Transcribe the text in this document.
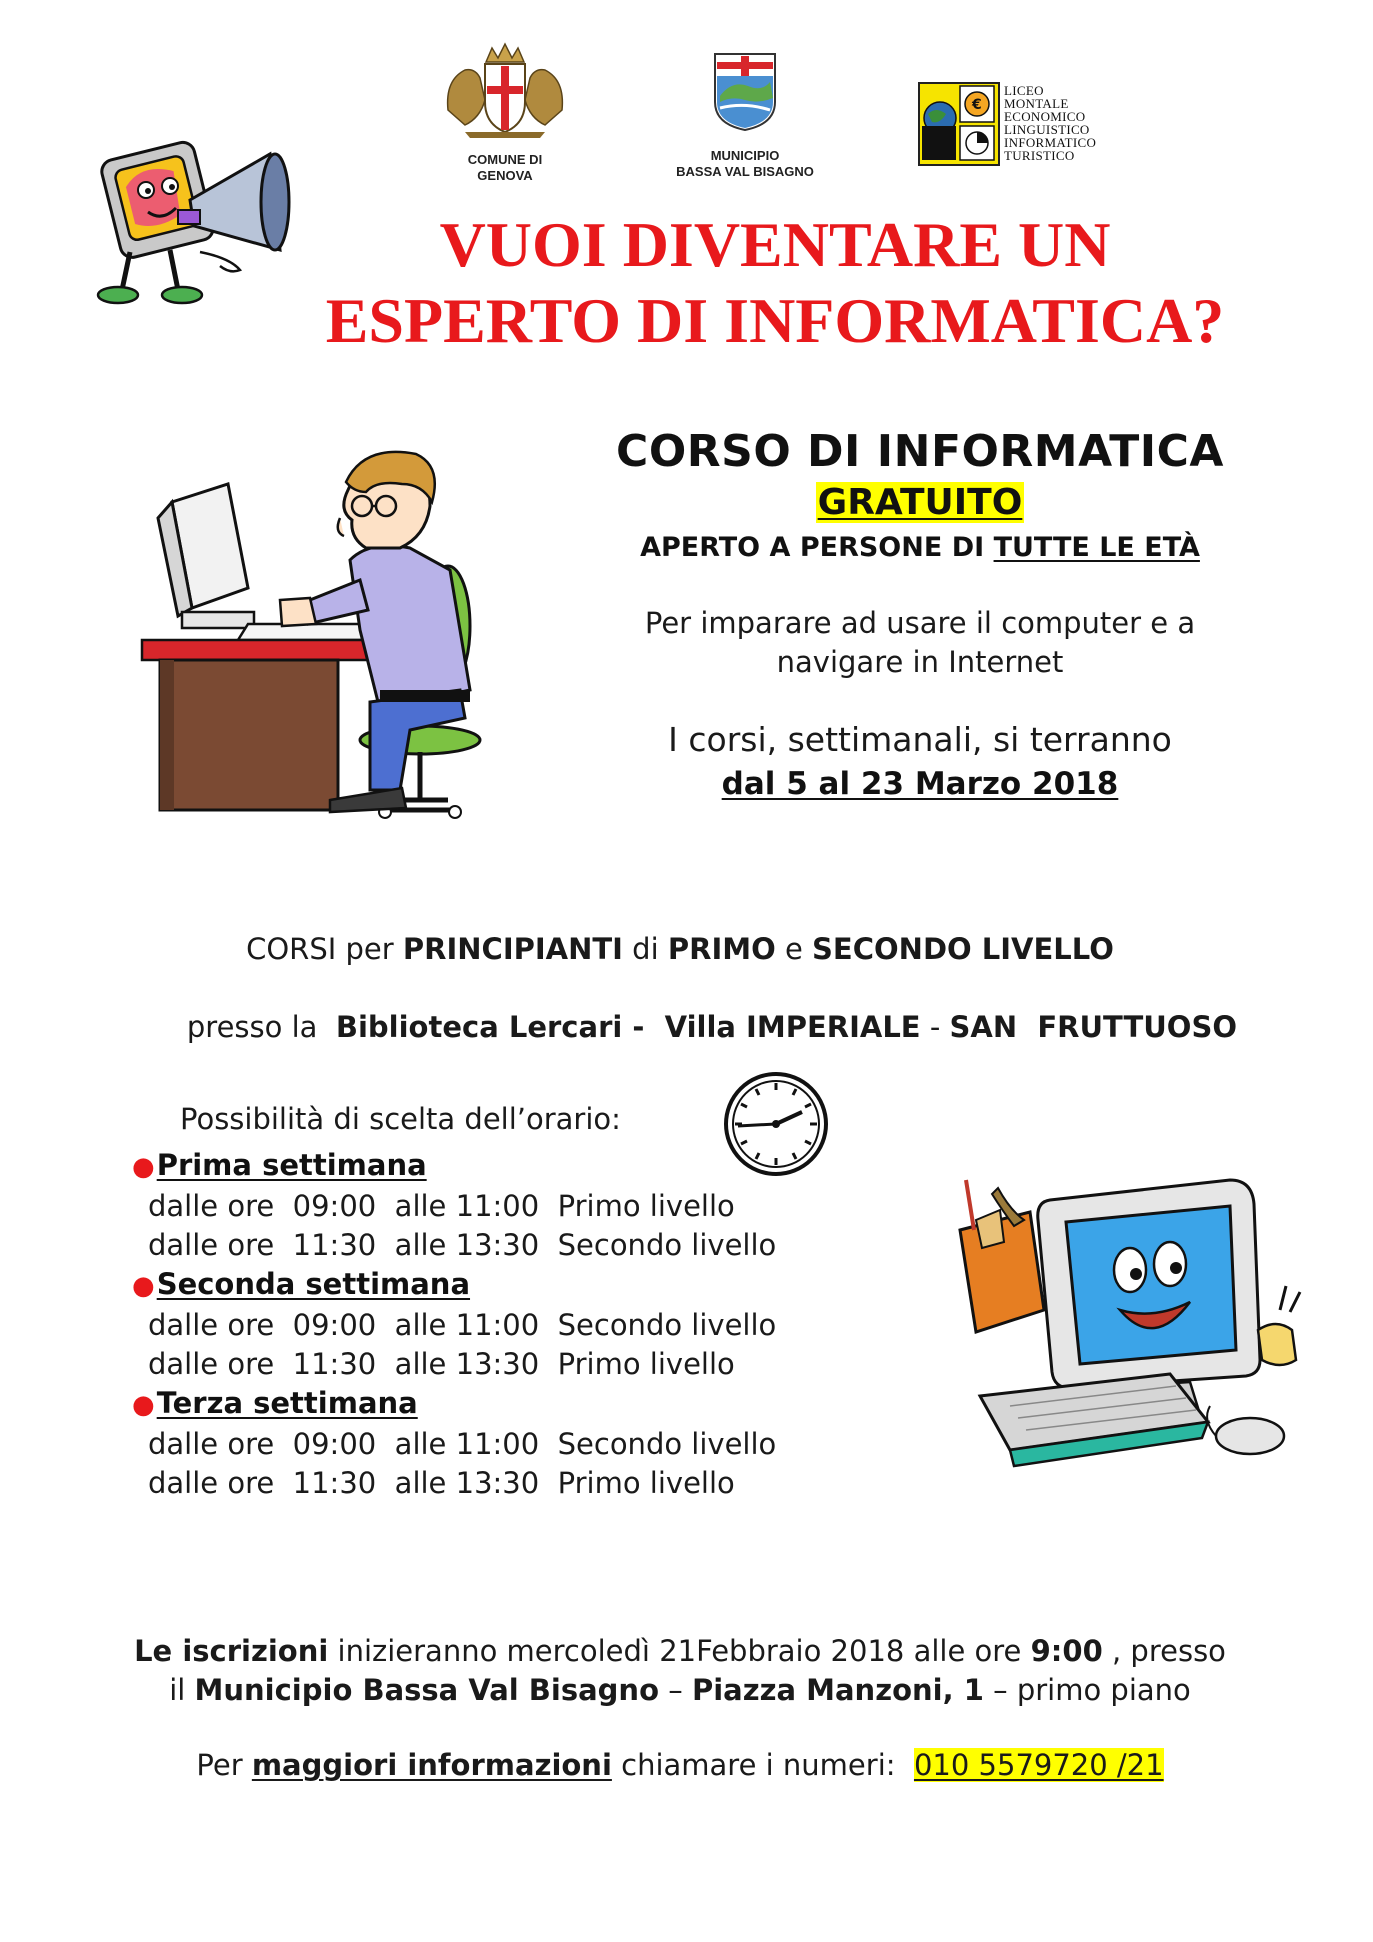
COMUNE DI GENOVA
MUNICIPIO
BASSA VAL BISAGNO
€
LICEO MONTALE
ECONOMICO
LINGUISTICO
INFORMATICO
TURISTICO
VUOI DIVENTARE UN
ESPERTO DI INFORMATICA?
CORSO DI INFORMATICA
GRATUITO
APERTO A PERSONE DI TUTTE LE ETÀ
Per imparare ad usare il computer e a
navigare in Internet
I corsi, settimanali, si terranno
dal 5 al 23 Marzo 2018
CORSI per PRINCIPIANTI di PRIMO e SECONDO LIVELLO

presso la  Biblioteca Lercari -  Villa IMPERIALE - SAN  FRUTTUOSO

Possibilità di scelta dell’orario:
●Prima settimana
dalle ore  09:00  alle 11:00  Primo livello
dalle ore  11:30  alle 13:30  Secondo livello
●Seconda settimana
dalle ore  09:00  alle 11:00  Secondo livello
dalle ore  11:30  alle 13:30  Primo livello
●Terza settimana
dalle ore  09:00  alle 11:00  Secondo livello
dalle ore  11:30  alle 13:30  Primo livello
Le iscrizioni inizieranno mercoledì 21Febbraio 2018 alle ore 9:00 , presso
il Municipio Bassa Val Bisagno – Piazza Manzoni, 1 – primo piano
Per maggiori informazioni chiamare i numeri:  010 5579720 /21
